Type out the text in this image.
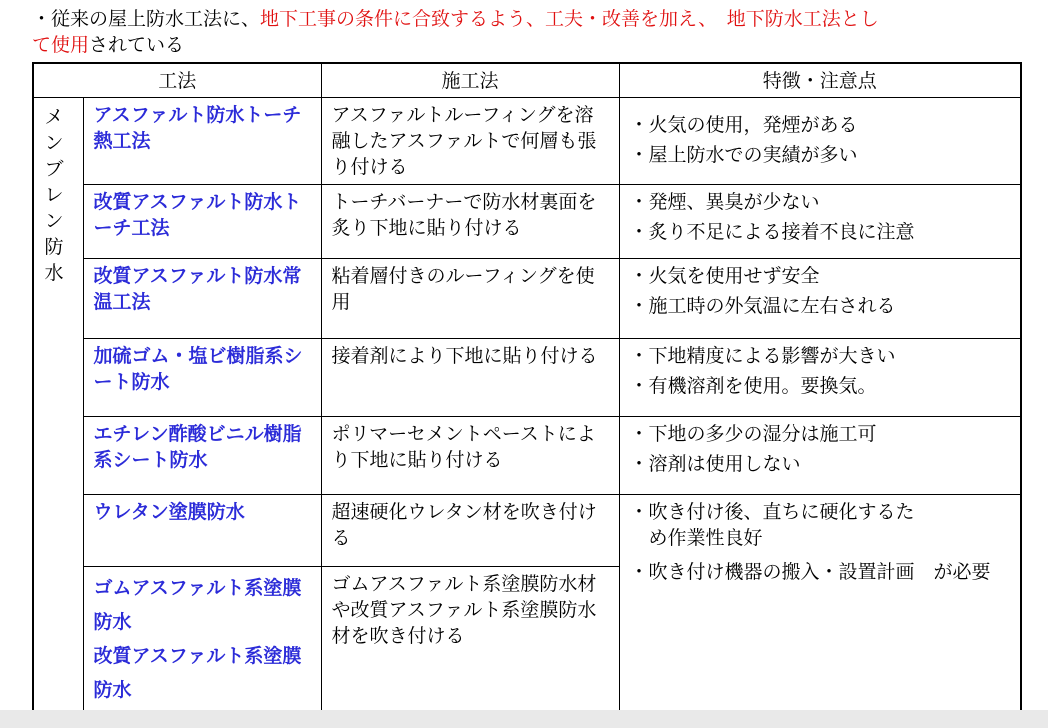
・従来の屋上防水工法に、地下工事の条件に合致するよう、工夫・改善を加え、　 地下防水工法とし
て使用されている
工法		施工法	特徴・注意点

メンブレン防水	アスファルト防水トーチ熱工法	アスファルトルーフィングを溶融したアスファルトで何層も張り付ける	・火気の使用，発煙がある
・屋上防水での実績が多い

	改質アスファルト防水トーチ工法	トーチバーナーで防水材裏面を炙り下地に貼り付ける	・発煙、異臭が少ない
・炙り不足による接着不良に注意

	改質アスファルト防水常温工法	粘着層付きのルーフィングを使用	・火気を使用せず安全
・施工時の外気温に左右される

	加硫ゴム・塩ビ樹脂系シート防水	接着剤により下地に貼り付ける	・下地精度による影響が大きい
・有機溶剤を使用。要換気。

	エチレン酢酸ビニル樹脂系シート防水	ポリマーセメントペーストにより下地に貼り付ける	・下地の多少の湿分は施工可
・溶剤は使用しない

	ウレタン塗膜防水	超速硬化ウレタン材を吹き付ける	・吹き付け後、直ちに硬化するた
　め作業性良好
・吹き付け機器の搬入・設置計画　が必要

	ゴムアスファルト系塗膜防水
改質アスファルト系塗膜防水	ゴムアスファルト系塗膜防水材や改質アスファルト系塗膜防水材を吹き付ける	
